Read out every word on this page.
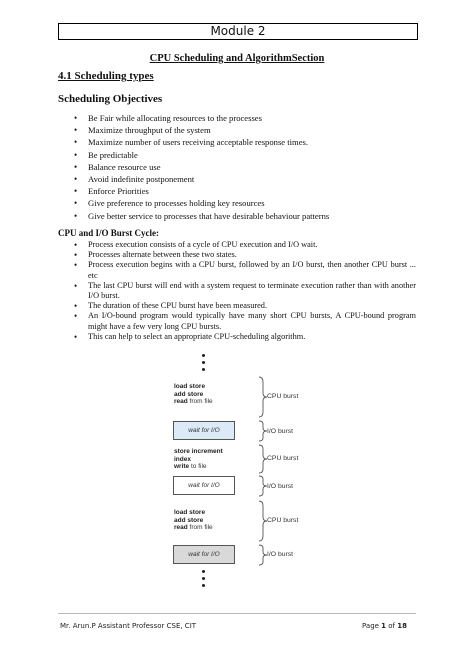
Module 2
CPU Scheduling and AlgorithmSection
4.1 Scheduling types
Scheduling Objectives
• Be Fair while allocating resources to the processes
• Maximize throughput of the system
• Maximize number of users receiving acceptable response times.
• Be predictable
• Balance resource use
• Avoid indefinite postponement
• Enforce Priorities
• Give preference to processes holding key resources
• Give better service to processes that have desirable behaviour patterns
CPU and I/O Burst Cycle:
• Process execution consists of a cycle of CPU execution and I/O wait.
• Processes alternate between these two states.
• Process execution begins with a CPU burst, followed by an I/O burst, then another CPU burst ... etc
• The last CPU burst will end with a system request to terminate execution rather than with another I/O burst.
• The duration of these CPU burst have been measured.
• An I/O-bound program would typically have many short CPU bursts, A CPU-bound program might have a few very long CPU bursts.
• This can help to select an appropriate CPU-scheduling algorithm.
load store
add store
read from file
wait for I/O
store increment
index
write to file
wait for I/O
load store
add store
read from file
wait for I/O
CPU burst
I/O burst
CPU burst
I/O burst
CPU burst
I/O burst
Mr. Arun.P Assistant Professor CSE, CIT	Page 1 of 18
